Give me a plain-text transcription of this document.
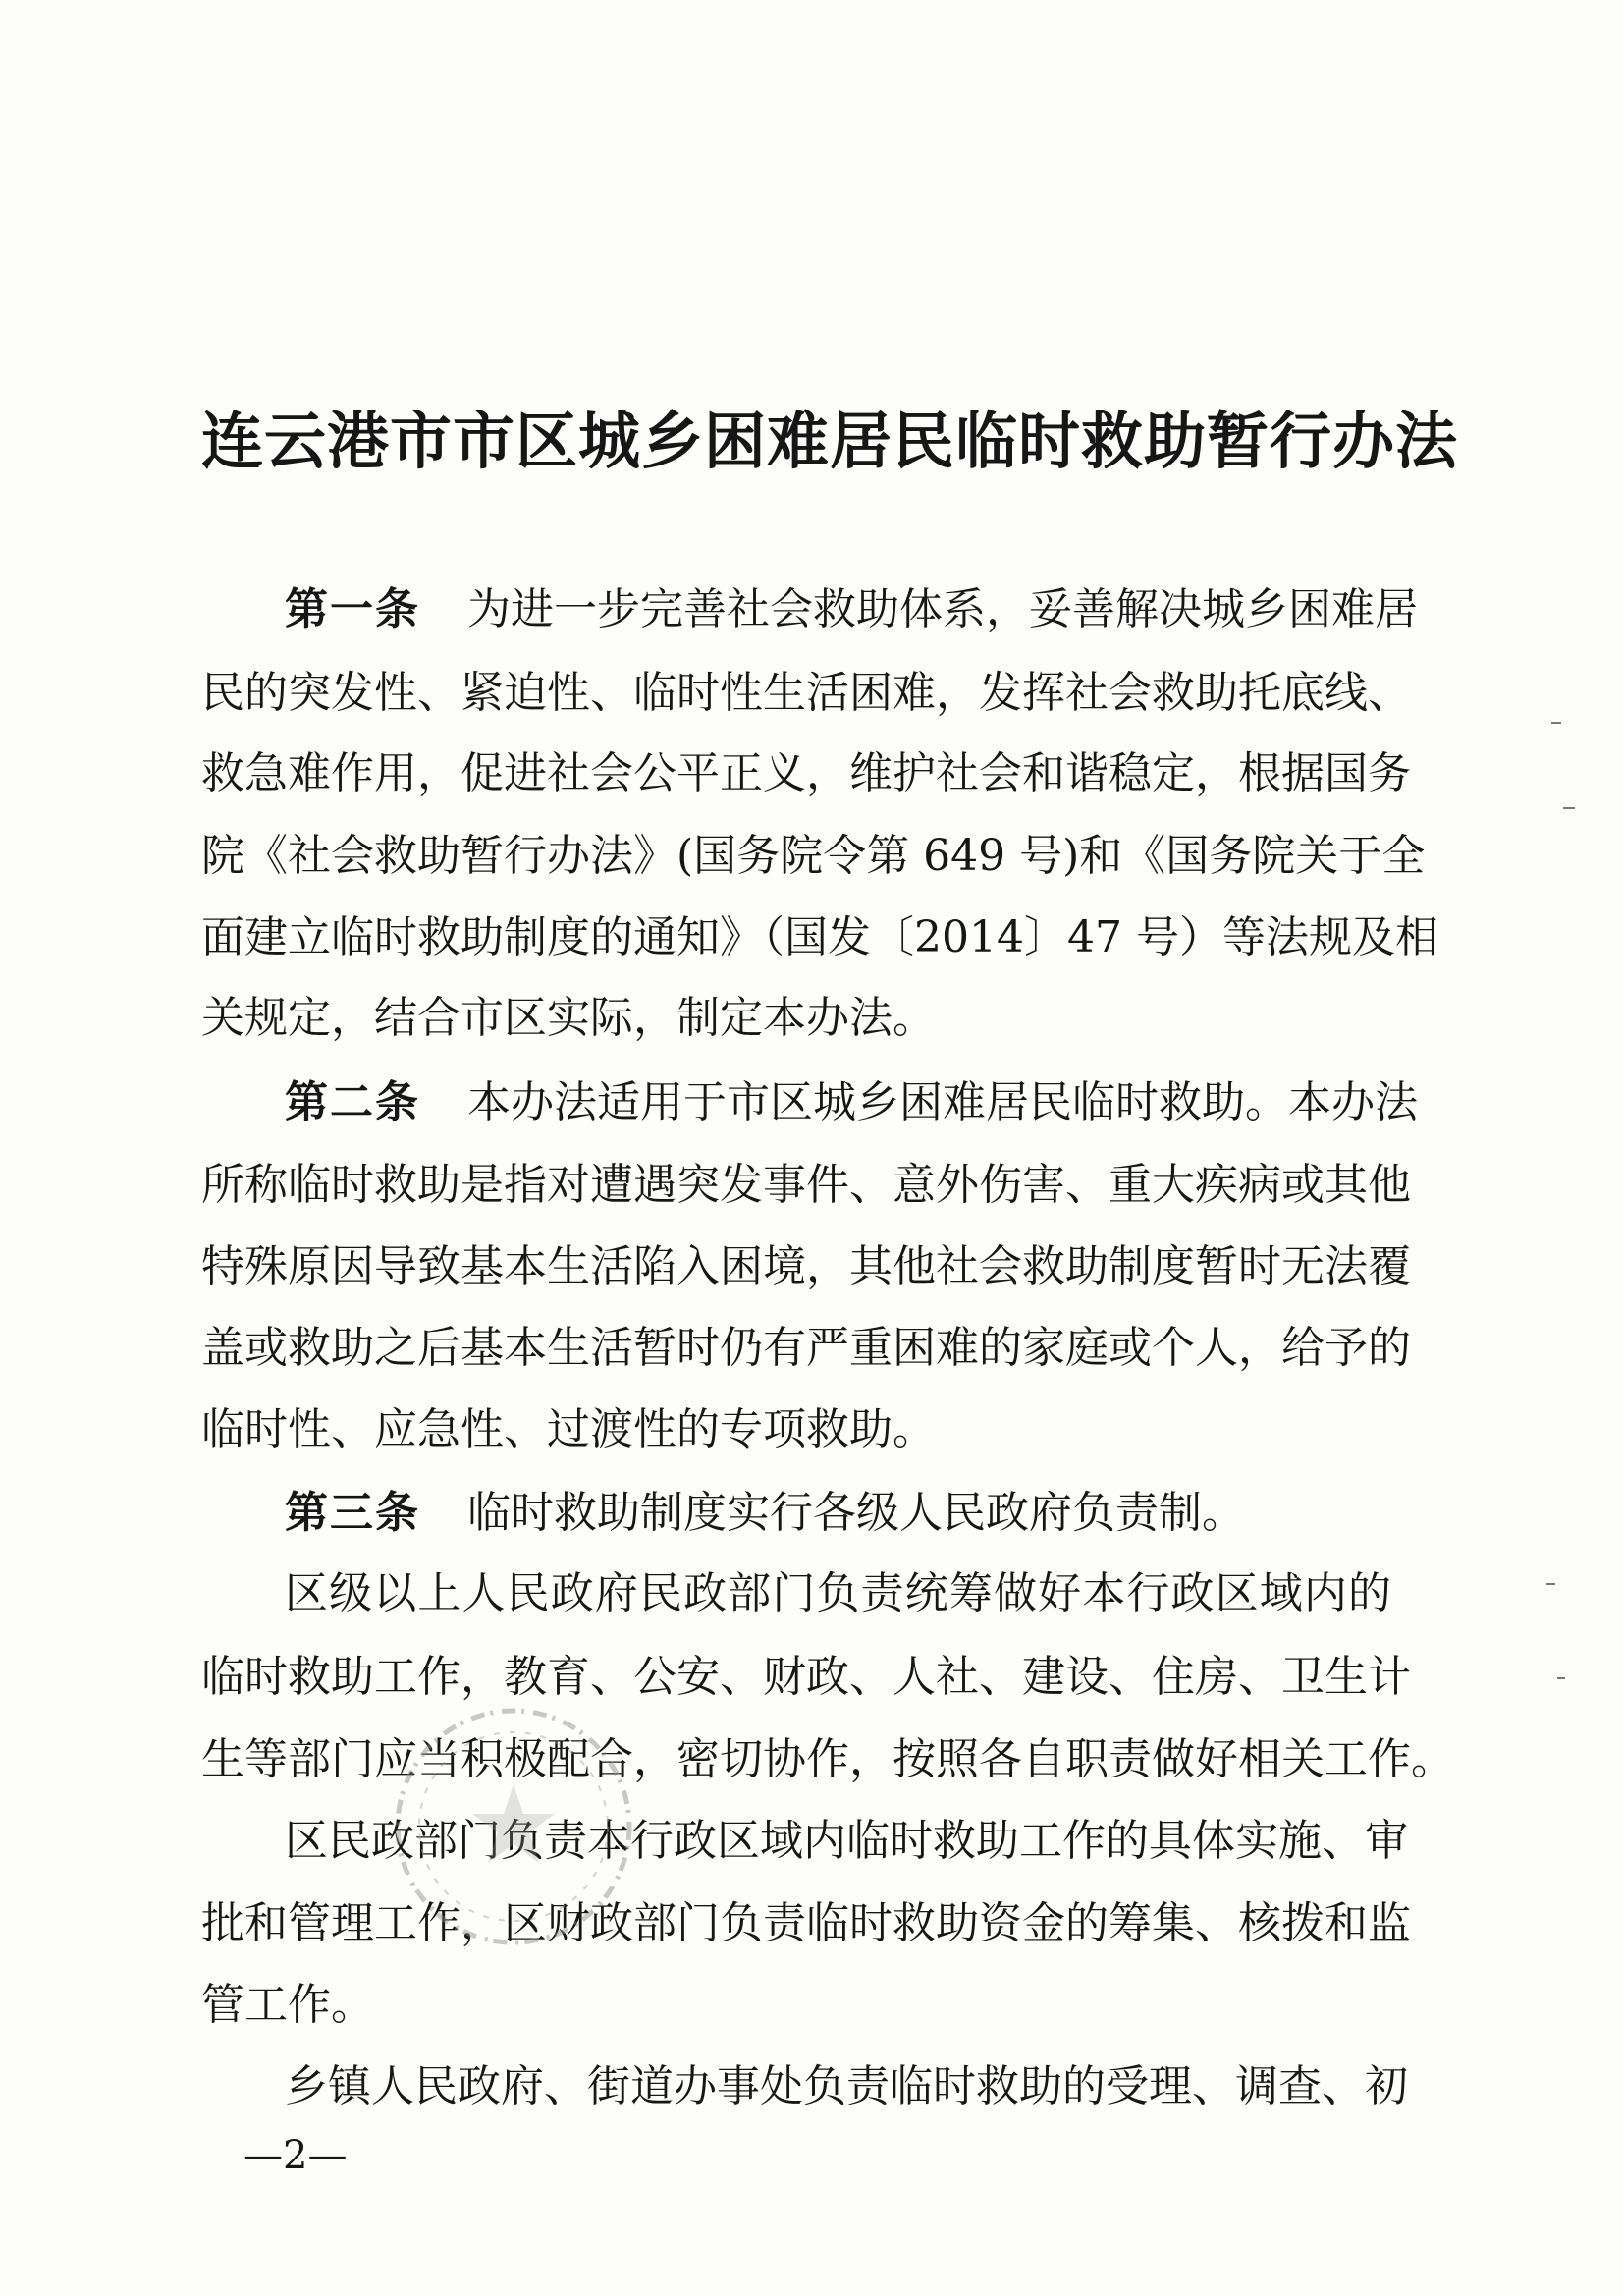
连云港市市区城乡困难居民临时救助暂行办法

第一条 为进一步完善社会救助体系，妥善解决城乡困难居

民的突发性、紧迫性、临时性生活困难，发挥社会救助托底线、

救急难作用，促进社会公平正义，维护社会和谐稳定，根据国务

院《社会救助暂行办法》(国务院令第 649 号)和《国务院关于全

面建立临时救助制度的通知》（国发〔2014〕47 号）等法规及相

关规定，结合市区实际，制定本办法。

第二条 本办法适用于市区城乡困难居民临时救助。本办法

所称临时救助是指对遭遇突发事件、意外伤害、重大疾病或其他

特殊原因导致基本生活陷入困境，其他社会救助制度暂时无法覆

盖或救助之后基本生活暂时仍有严重困难的家庭或个人，给予的

临时性、应急性、过渡性的专项救助。

第三条 临时救助制度实行各级人民政府负责制。

区级以上人民政府民政部门负责统筹做好本行政区域内的

临时救助工作，教育、公安、财政、人社、建设、住房、卫生计

生等部门应当积极配合，密切协作，按照各自职责做好相关工作。

区民政部门负责本行政区域内临时救助工作的具体实施、审

批和管理工作，区财政部门负责临时救助资金的筹集、核拨和监

管工作。

乡镇人民政府、街道办事处负责临时救助的受理、调查、初

—2—
